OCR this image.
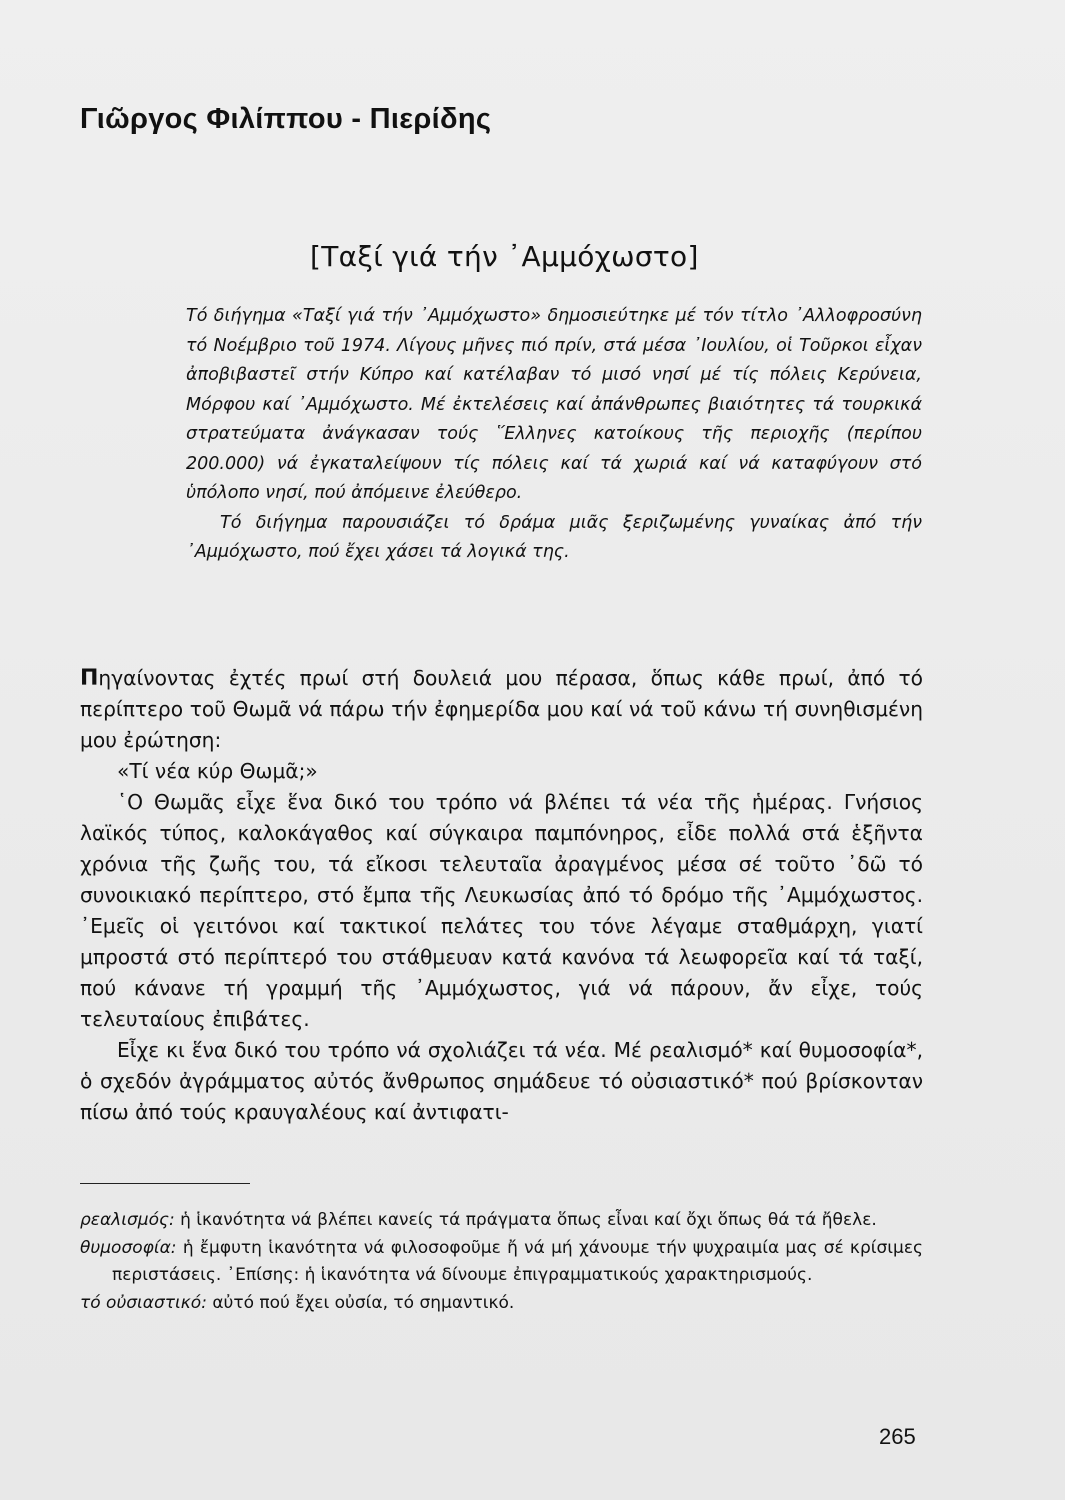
Γιῶργος Φιλίππου - Πιερίδης
[Ταξί γιά τήν ᾿Αμμόχωστο]

Τό διήγημα «Ταξί γιά τήν ᾿Αμμόχωστο» δημοσιεύτηκε μέ τόν τίτλο ᾿Αλλοφροσύνη τό Νοέμβριο τοῦ 1974. Λίγους μῆνες πιό πρίν, στά μέσα ᾿Ιουλίου, οἱ Τοῦρκοι εἶχαν ἀποβιβαστεῖ στήν Κύπρο καί κατέλαβαν τό μισό νησί μέ τίς πόλεις Κερύνεια, Μόρφου καί ᾿Αμμόχωστο. Μέ ἐκτελέσεις καί ἀπάνθρωπες βιαιότητες τά τουρκικά στρατεύματα ἀνάγκασαν τούς ῞Ελληνες κατοίκους τῆς περιοχῆς (περίπου 200.000) νά ἐγκαταλείψουν τίς πόλεις καί τά χωριά καί νά καταφύγουν στό ὑπόλοπο νησί, πού ἀπόμεινε ἐλεύθερο.

Τό διήγημα παρουσιάζει τό δράμα μιᾶς ξεριζωμένης γυναίκας ἀπό τήν ᾿Αμμόχωστο, πού ἔχει χάσει τά λογικά της.

Πηγαίνοντας ἐχτές πρωί στή δουλειά μου πέρασα, ὅπως κάθε πρωί, ἀπό τό περίπτερο τοῦ Θωμᾶ νά πάρω τήν ἐφημερίδα μου καί νά τοῦ κάνω τή συνηθισμένη μου ἐρώτηση:

«Τί νέα κύρ Θωμᾶ;»

῾Ο Θωμᾶς εἶχε ἕνα δικό του τρόπο νά βλέπει τά νέα τῆς ἡμέρας. Γνήσιος λαϊκός τύπος, καλοκάγαθος καί σύγκαιρα παμπόνηρος, εἶδε πολλά στά ἑξῆντα χρόνια τῆς ζωῆς του, τά εἴκοσι τελευταῖα ἀραγμένος μέσα σέ τοῦτο ᾿δῶ τό συνοικιακό περίπτερο, στό ἔμπα τῆς Λευκωσίας ἀπό τό δρόμο τῆς ᾿Αμμόχωστος. ᾿Εμεῖς οἱ γειτόνοι καί τακτικοί πελάτες του τόνε λέγαμε σταθμάρχη, γιατί μπροστά στό περίπτερό του στάθμευαν κατά κανόνα τά λεωφορεῖα καί τά ταξί, πού κάνανε τή γραμμή τῆς ᾿Αμμόχωστος, γιά νά πάρουν, ἄν εἶχε, τούς τελευταίους ἐπιβάτες.

Εἶχε κι ἕνα δικό του τρόπο νά σχολιάζει τά νέα. Μέ ρεαλισμό* καί θυμοσοφία*, ὁ σχεδόν ἀγράμματος αὐτός ἄνθρωπος σημάδευε τό οὐσιαστικό* πού βρίσκονταν πίσω ἀπό τούς κραυγαλέους καί ἀντιφατι-

ρεαλισμός: ἡ ἱκανότητα νά βλέπει κανείς τά πράγματα ὅπως εἶναι καί ὄχι ὅπως θά τά ἤθελε.

θυμοσοφία: ἡ ἔμφυτη ἱκανότητα νά φιλοσοφοῦμε ἤ νά μή χάνουμε τήν ψυχραιμία μας σέ κρίσιμες περιστάσεις. ᾿Επίσης: ἡ ἱκανότητα νά δίνουμε ἐπιγραμματικούς χαρακτηρισμούς.

τό οὐσιαστικό: αὐτό πού ἔχει οὐσία, τό σημαντικό.

265
